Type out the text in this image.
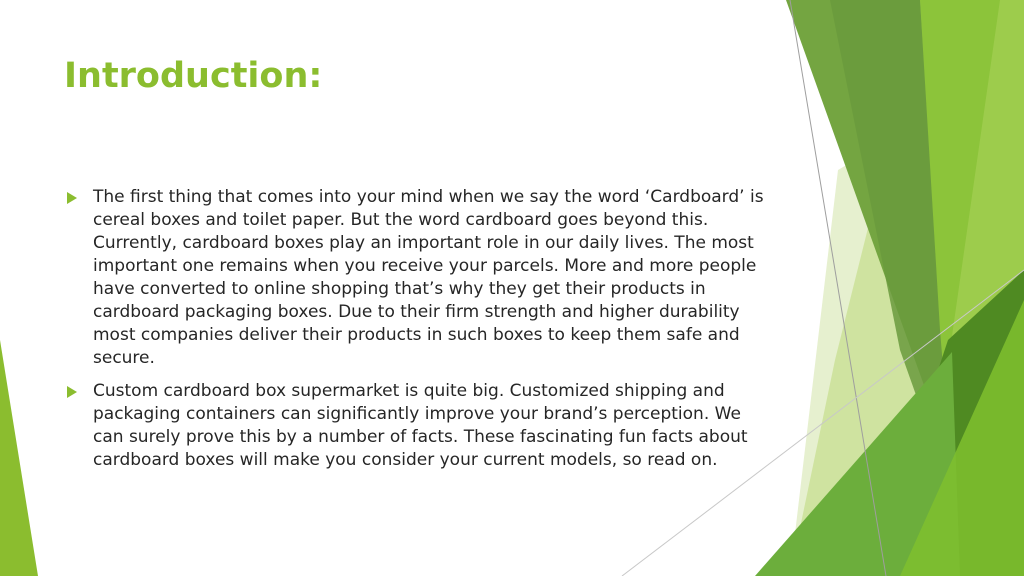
Introduction:
The first thing that comes into your mind when we say the word ‘Cardboard’ is cereal boxes and toilet paper. But the word cardboard goes beyond this. Currently, cardboard boxes play an important role in our daily lives. The most important one remains when you receive your parcels. More and more people have converted to online shopping that’s why they get their products in cardboard packaging boxes. Due to their firm strength and higher durability most companies deliver their products in such boxes to keep them safe and secure.
Custom cardboard box supermarket is quite big. Customized shipping and packaging containers can significantly improve your brand’s perception. We can surely prove this by a number of facts. These fascinating fun facts about cardboard boxes will make you consider your current models, so read on.
